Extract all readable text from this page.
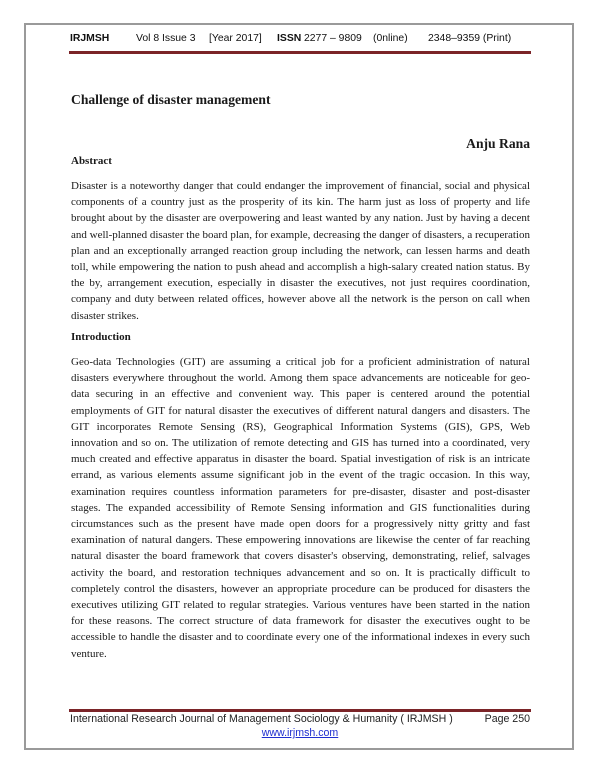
IRJMSH	Vol 8 Issue 3 [Year 2017] ISSN 2277 – 9809 (0nline) 2348–9359 (Print)
Challenge of disaster management
Anju Rana
Abstract
Disaster is a noteworthy danger that could endanger the improvement of financial, social and physical components of a country just as the prosperity of its kin. The harm just as loss of property and life brought about by the disaster are overpowering and least wanted by any nation. Just by having a decent and well-planned disaster the board plan, for example, decreasing the danger of disasters, a recuperation plan and an exceptionally arranged reaction group including the network, can lessen harms and death toll, while empowering the nation to push ahead and accomplish a high-salary created nation status. By the by, arrangement execution, especially in disaster the executives, not just requires coordination, company and duty between related offices, however above all the network is the person on call when disaster strikes.
Introduction
Geo-data Technologies (GIT) are assuming a critical job for a proficient administration of natural disasters everywhere throughout the world. Among them space advancements are noticeable for geo-data securing in an effective and convenient way. This paper is centered around the potential employments of GIT for natural disaster the executives of different natural dangers and disasters. The GIT incorporates Remote Sensing (RS), Geographical Information Systems (GIS), GPS, Web innovation and so on. The utilization of remote detecting and GIS has turned into a coordinated, very much created and effective apparatus in disaster the board. Spatial investigation of risk is an intricate errand, as various elements assume significant job in the event of the tragic occasion. In this way, examination requires countless information parameters for pre-disaster, disaster and post-disaster stages. The expanded accessibility of Remote Sensing information and GIS functionalities during circumstances such as the present have made open doors for a progressively nitty gritty and fast examination of natural dangers. These empowering innovations are likewise the center of far reaching natural disaster the board framework that covers disaster's observing, demonstrating, relief, salvages activity the board, and restoration techniques advancement and so on. It is practically difficult to completely control the disasters, however an appropriate procedure can be produced for disasters the executives utilizing GIT related to regular strategies. Various ventures have been started in the nation for these reasons. The correct structure of data framework for disaster the executives ought to be accessible to handle the disaster and to coordinate every one of the informational indexes in every such venture.
International Research Journal of Management Sociology & Humanity ( IRJMSH )	Page 250
www.irjmsh.com
